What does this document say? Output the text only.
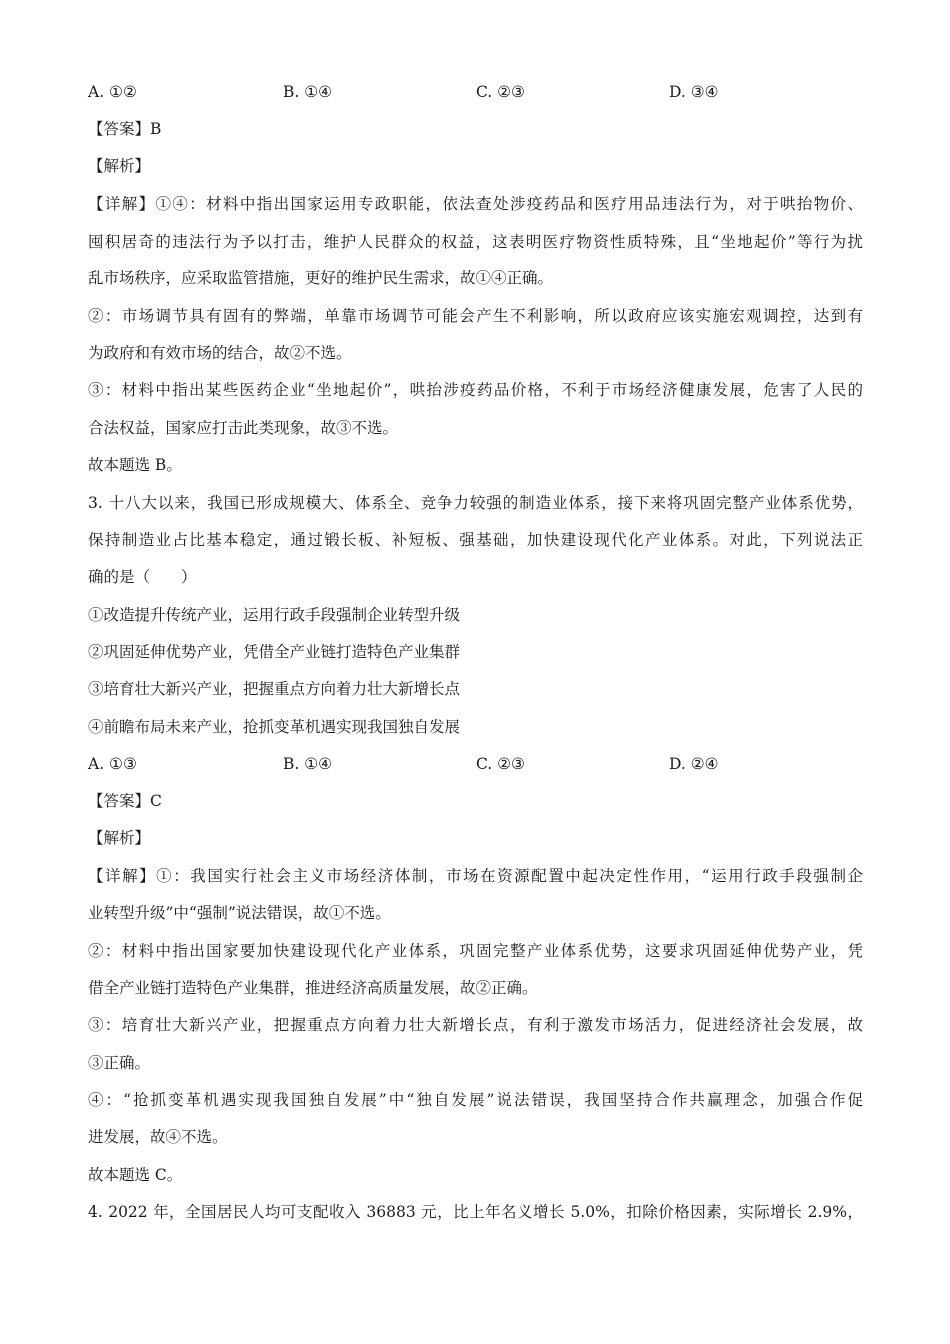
A. ①②	B. ①④	C. ②③	D. ③④
【答案】B
【解析】
【详解】①④：材料中指出国家运用专政职能，依法查处涉疫药品和医疗用品违法行为，对于哄抬物价、
囤积居奇的违法行为予以打击，维护人民群众的权益，这表明医疗物资性质特殊，且“坐地起价”等行为扰
乱市场秩序，应采取监管措施，更好的维护民生需求，故①④正确。
②：市场调节具有固有的弊端，单靠市场调节可能会产生不利影响，所以政府应该实施宏观调控，达到有
为政府和有效市场的结合，故②不选。
③：材料中指出某些医药企业“坐地起价”，哄抬涉疫药品价格，不利于市场经济健康发展，危害了人民的
合法权益，国家应打击此类现象，故③不选。
故本题选 B。
3. 十八大以来，我国已形成规模大、体系全、竞争力较强的制造业体系，接下来将巩固完整产业体系优势，
保持制造业占比基本稳定，通过锻长板、补短板、强基础，加快建设现代化产业体系。对此，下列说法正
确的是（　　）
①改造提升传统产业，运用行政手段强制企业转型升级
②巩固延伸优势产业，凭借全产业链打造特色产业集群
③培育壮大新兴产业，把握重点方向着力壮大新增长点
④前瞻布局未来产业，抢抓变革机遇实现我国独自发展
A. ①③	B. ①④	C. ②③	D. ②④
【答案】C
【解析】
【详解】①：我国实行社会主义市场经济体制，市场在资源配置中起决定性作用，“运用行政手段强制企
业转型升级”中“强制”说法错误，故①不选。
②：材料中指出国家要加快建设现代化产业体系，巩固完整产业体系优势，这要求巩固延伸优势产业，凭
借全产业链打造特色产业集群，推进经济高质量发展，故②正确。
③：培育壮大新兴产业，把握重点方向着力壮大新增长点，有利于激发市场活力，促进经济社会发展，故
③正确。
④：“抢抓变革机遇实现我国独自发展”中“独自发展”说法错误，我国坚持合作共赢理念，加强合作促
进发展，故④不选。
故本题选 C。
4. 2022 年，全国居民人均可支配收入 36883 元，比上年名义增长 5.0%，扣除价格因素，实际增长 2.9%，
